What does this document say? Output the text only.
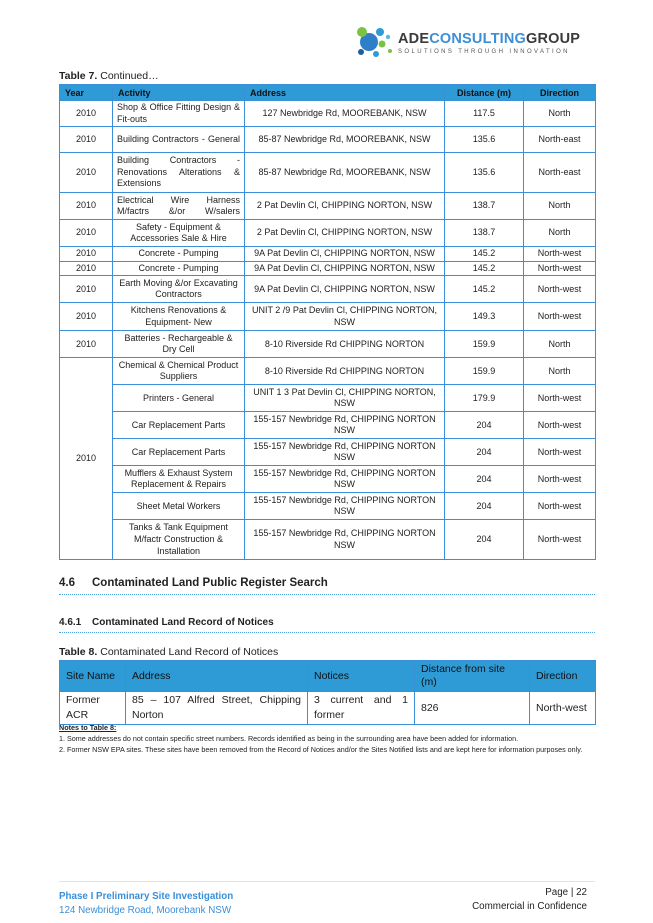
ADECONSULTINGGROUP
SOLUTIONS THROUGH INNOVATION
Table 7. Continued…
Year	Activity	Address	Distance (m)	Direction
2010	Shop & Office Fitting Design & Fit-outs	127 Newbridge Rd, MOOREBANK, NSW	117.5	North
2010	Building Contractors - General	85-87 Newbridge Rd, MOOREBANK, NSW	135.6	North-east
2010	Building Contractors - Renovations Alterations & Extensions	85-87 Newbridge Rd, MOOREBANK, NSW	135.6	North-east
2010	Electrical Wire Harness M/factrs &/or W/salers	2 Pat Devlin Cl, CHIPPING NORTON, NSW	138.7	North
2010	Safety - Equipment & Accessories Sale & Hire	2 Pat Devlin Cl, CHIPPING NORTON, NSW	138.7	North
2010	Concrete - Pumping	9A Pat Devlin Cl, CHIPPING NORTON, NSW	145.2	North-west
2010	Concrete - Pumping	9A Pat Devlin Cl, CHIPPING NORTON, NSW	145.2	North-west
2010	Earth Moving &/or Excavating Contractors	9A Pat Devlin Cl, CHIPPING NORTON, NSW	145.2	North-west
2010	Kitchens Renovations & Equipment- New	UNIT 2 /9 Pat Devlin Cl, CHIPPING NORTON, NSW	149.3	North-west
2010	Batteries - Rechargeable & Dry Cell	8-10 Riverside Rd CHIPPING NORTON	159.9	North
2010	Chemical & Chemical Product Suppliers	8-10 Riverside Rd CHIPPING NORTON	159.9	North
	Printers - General	UNIT 1 3 Pat Devlin Cl, CHIPPING NORTON, NSW	179.9	North-west
	Car Replacement Parts	155-157 Newbridge Rd, CHIPPING NORTON NSW	204	North-west
	Car Replacement Parts	155-157 Newbridge Rd, CHIPPING NORTON NSW	204	North-west
	Mufflers & Exhaust System Replacement & Repairs	155-157 Newbridge Rd, CHIPPING NORTON NSW	204	North-west
	Sheet Metal Workers	155-157 Newbridge Rd, CHIPPING NORTON NSW	204	North-west
	Tanks & Tank Equipment M/factr Construction & Installation	155-157 Newbridge Rd, CHIPPING NORTON NSW	204	North-west
4.6 Contaminated Land Public Register Search
4.6.1 Contaminated Land Record of Notices
Table 8. Contaminated Land Record of Notices
Site Name	Address	Notices	Distance from site (m)	Direction
Former ACR	85 – 107 Alfred Street, Chipping Norton	3 current and 1 former	826	North-west
Notes to Table 8:
1. Some addresses do not contain specific street numbers. Records identified as being in the surrounding area have been added for information.
2. Former NSW EPA sites. These sites have been removed from the Record of Notices and/or the Sites Notified lists and are kept here for information purposes only.
Phase I Preliminary Site Investigation
124 Newbridge Road, Moorebank NSW
Page | 22
Commercial in Confidence
